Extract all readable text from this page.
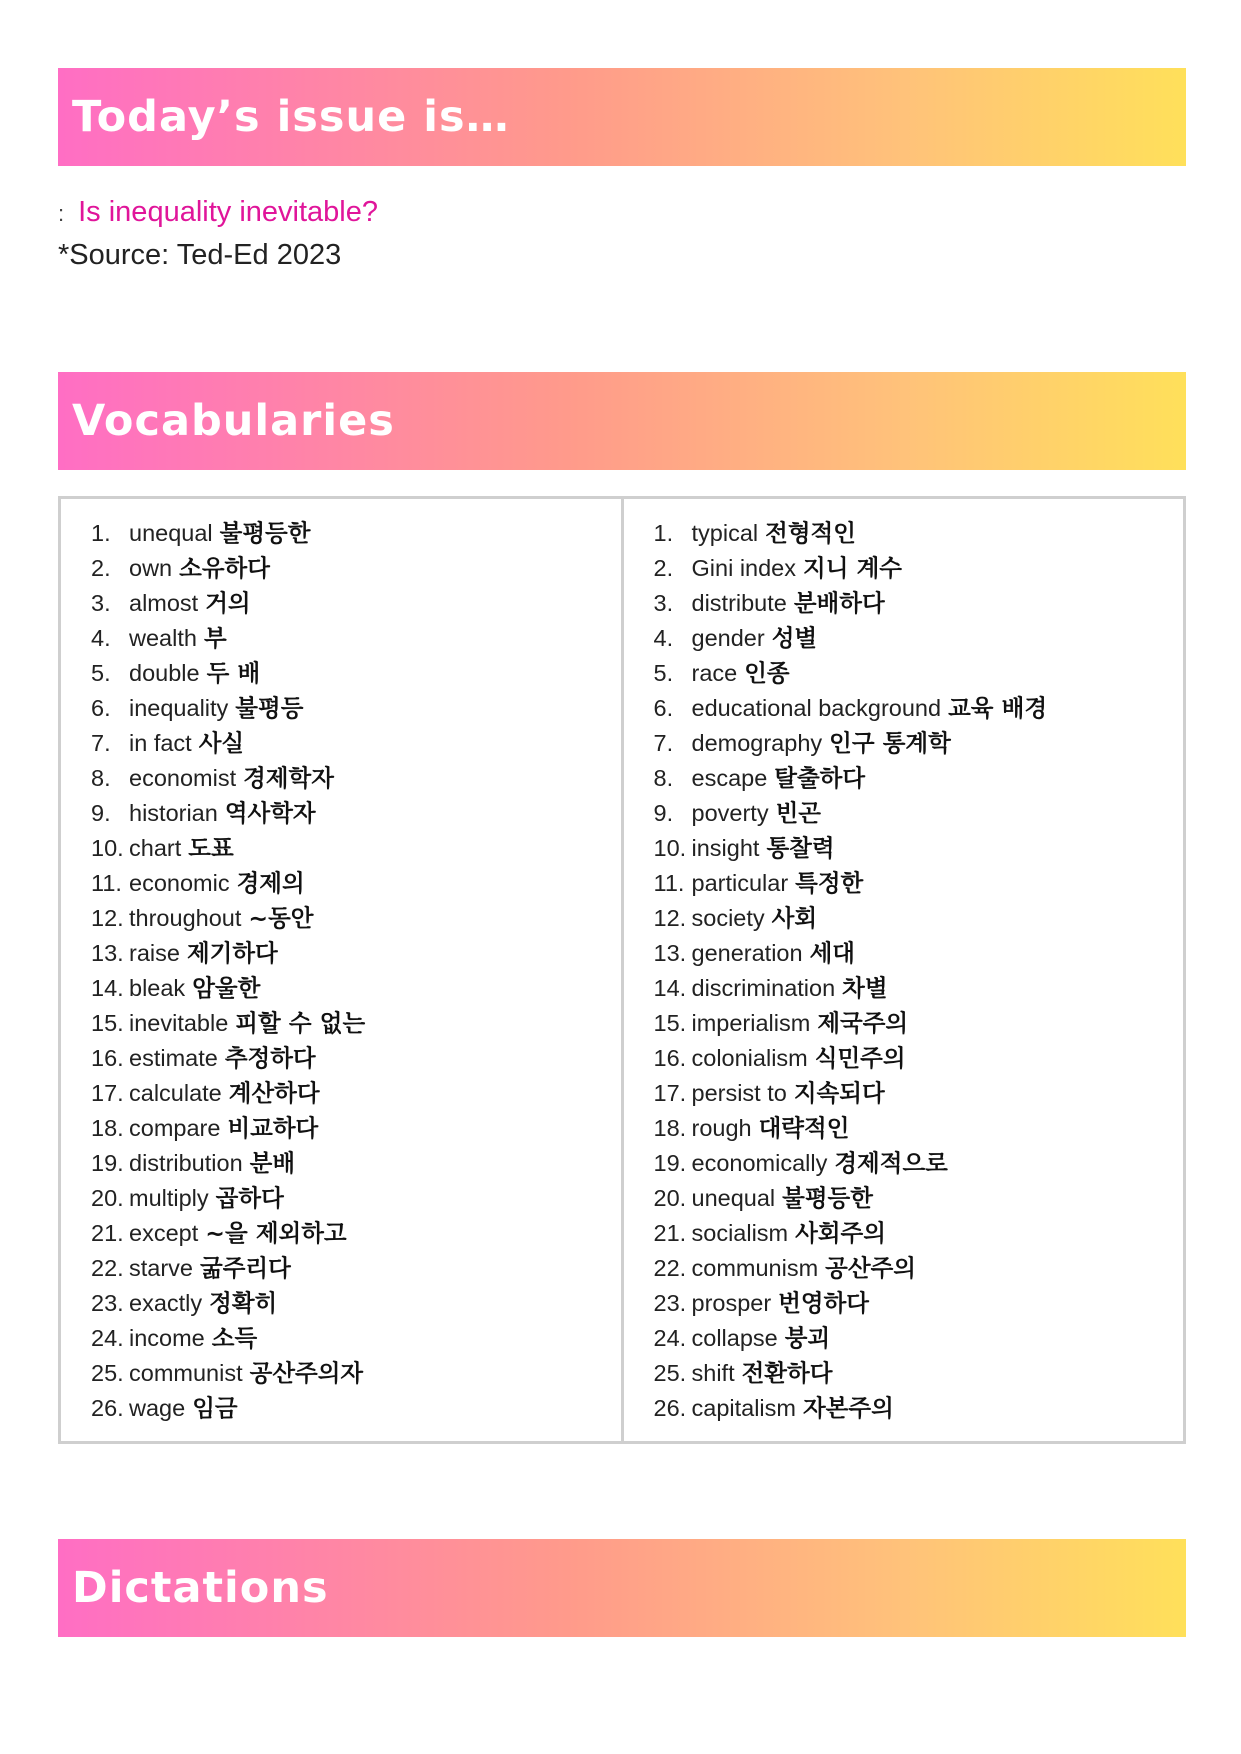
Today’s issue is…
: Is inequality inevitable?
*Source: Ted-Ed 2023
Vocabularies
1. unequal 불평등한
2. own 소유하다
3. almost 거의
4. wealth 부
5. double 두 배
6. inequality 불평등
7. in fact 사실
8. economist 경제학자
9. historian 역사학자
10. chart 도표
11. economic 경제의
12. throughout ~동안
13. raise 제기하다
14. bleak 암울한
15. inevitable 피할 수 없는
16. estimate 추정하다
17. calculate 계산하다
18. compare 비교하다
19. distribution 분배
20. multiply 곱하다
21. except ~을 제외하고
22. starve 굶주리다
23. exactly 정확히
24. income 소득
25. communist 공산주의자
26. wage 임금
1. typical 전형적인
2. Gini index 지니 계수
3. distribute 분배하다
4. gender 성별
5. race 인종
6. educational background 교육 배경
7. demography 인구 통계학
8. escape 탈출하다
9. poverty 빈곤
10. insight 통찰력
11. particular 특정한
12. society 사회
13. generation 세대
14. discrimination 차별
15. imperialism 제국주의
16. colonialism 식민주의
17. persist to 지속되다
18. rough 대략적인
19. economically 경제적으로
20. unequal 불평등한
21. socialism 사회주의
22. communism 공산주의
23. prosper 번영하다
24. collapse 붕괴
25. shift 전환하다
26. capitalism 자본주의
Dictations
